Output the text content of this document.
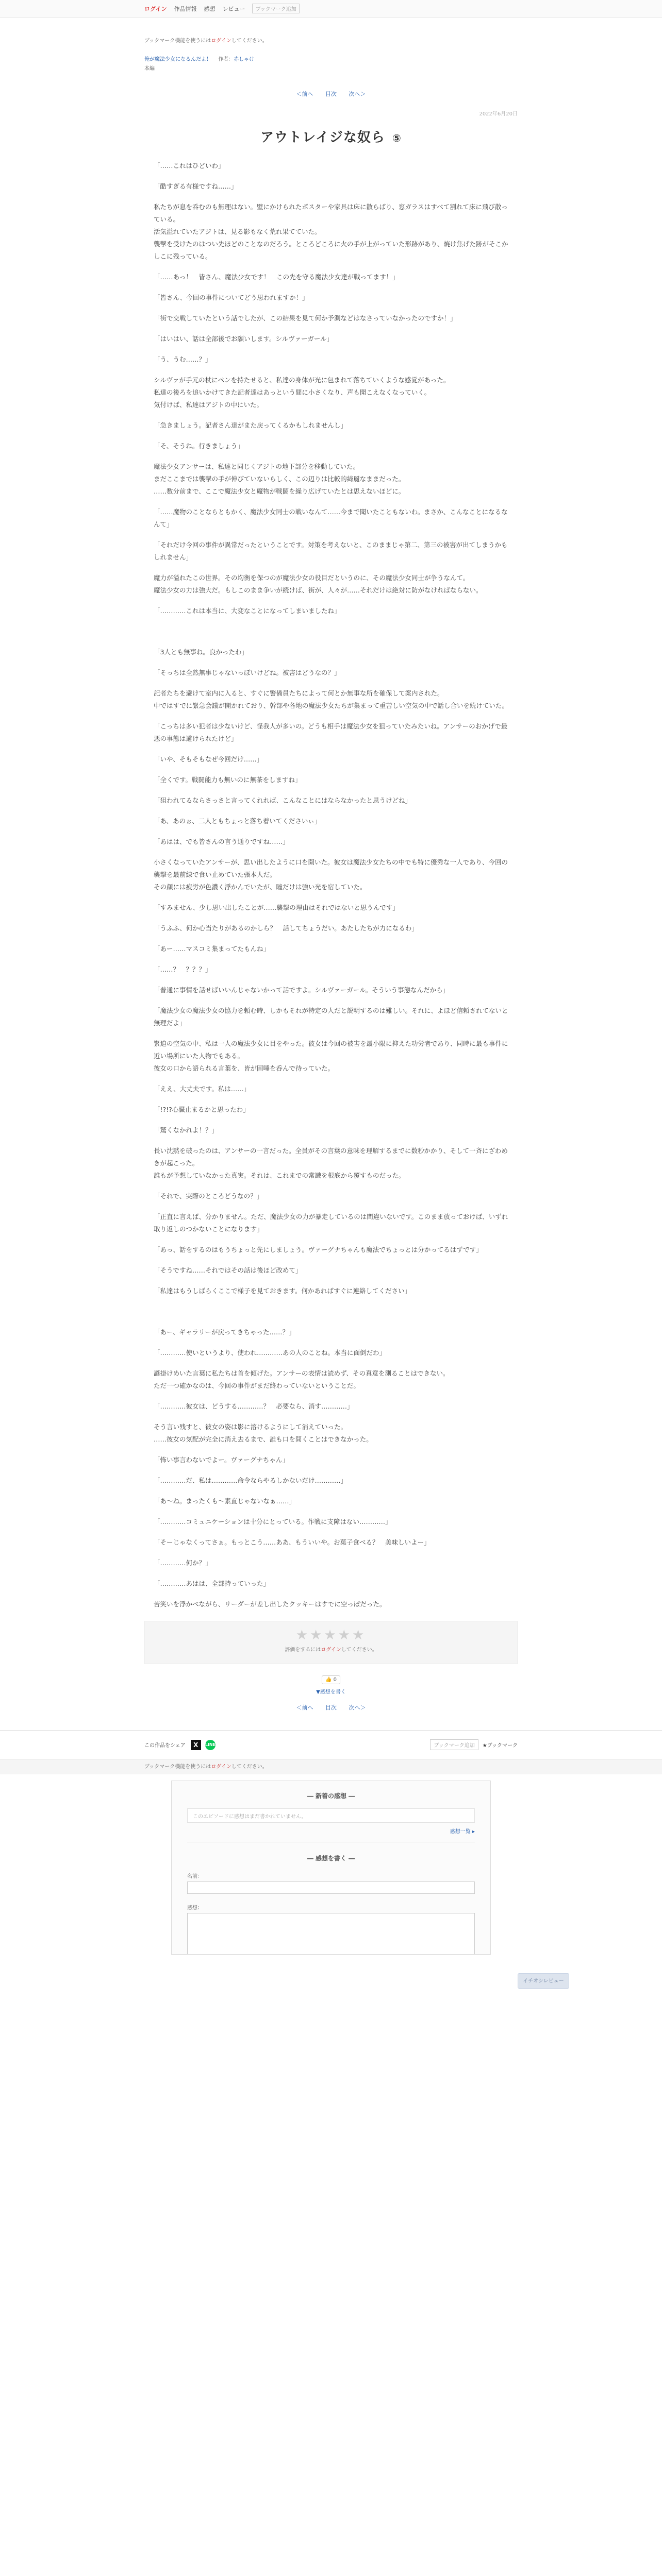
ログイン 作品情報 感想 レビュー	ブックマーク追加
ブックマーク機能を使うにはログインしてください。
俺が魔法少女になるんだよ！ 作者：赤しゃけ
本編
＜前へ 目次 次へ＞
2022年6月20日
アウトレイジな奴ら ⑤

「……これはひどいわ」

「酷すぎる有様ですね……」

私たちが息を呑むのも無理はない。壁にかけられたポスターや家具は床に散らばり、窓ガラスはすべて割れて床に飛び散っている。
活気溢れていたアジトは、見る影もなく荒れ果てていた。
襲撃を受けたのはつい先ほどのことなのだろう。ところどころに火の手が上がっていた形跡があり、焼け焦げた跡がそこかしこに残っている。

「……あっ！　皆さん、魔法少女です！　この先を守る魔法少女達が戦ってます！」

「皆さん、今回の事件についてどう思われますか！」

「街で交戦していたという話でしたが、この結果を見て何か予測などはなさっていなかったのですか！」

「はいはい、話は全部後でお願いします。シルヴァーガール」

「う、うむ……？」

シルヴァが手元の杖にペンを持たせると、私達の身体が光に包まれて落ちていくような感覚があった。
私達の後ろを追いかけてきた記者達はあっという間に小さくなり、声も聞こえなくなっていく。
気付けば、私達はアジトの中にいた。

「急きましょう。記者さん達がまた戻ってくるかもしれませんし」

「そ、そうね。行きましょう」

魔法少女アンサーは、私達と同じくアジトの地下部分を移動していた。
まだここまでは襲撃の手が伸びていないらしく、この辺りは比較的綺麗なままだった。
……数分前まで、ここで魔法少女と魔物が戦闘を繰り広げていたとは思えないほどに。

「……魔物のことならともかく、魔法少女同士の戦いなんて……今まで聞いたこともないわ。まさか、こんなことになるなんて」

「それだけ今回の事件が異常だったということです。対策を考えないと、このままじゃ第二、第三の被害が出てしまうかもしれません」

魔力が溢れたこの世界。その均衡を保つのが魔法少女の役目だというのに、その魔法少女同士が争うなんて。
魔法少女の力は強大だ。もしこのまま争いが続けば、街が、人々が……それだけは絶対に防がなければならない。

「…………これは本当に、大変なことになってしまいましたね」

「3人とも無事ね。良かったわ」

「そっちは全然無事じゃないっぽいけどね。被害はどうなの？」

記者たちを避けて室内に入ると、すぐに警備員たちによって何とか無事な所を確保して案内された。
中ではすでに緊急会議が開かれており、幹部や各地の魔法少女たちが集まって重苦しい空気の中で話し合いを続けていた。

「こっちは多い犯者は少ないけど、怪我人が多いの。どうも相手は魔法少女を狙っていたみたいね。アンサーのおかげで最悪の事態は避けられたけど」

「いや、そもそもなぜ今回だけ……」

「全くです。戦闘能力も無いのに無茶をしますね」

「狙われてるならさっさと言ってくれれば、こんなことにはならなかったと思うけどね」

「あ、あのぉ、二人ともちょっと落ち着いてくださいぃ」

「あはは、でも皆さんの言う通りですね……」

小さくなっていたアンサーが、思い出したように口を開いた。彼女は魔法少女たちの中でも特に優秀な一人であり、今回の襲撃を最前線で食い止めていた張本人だ。
その顔には疲労が色濃く浮かんでいたが、瞳だけは強い光を宿していた。

「すみません、少し思い出したことが……襲撃の理由はそれではないと思うんです」

「うふふ、何か心当たりがあるのかしら？　話してちょうだい。あたしたちが力になるわ」

「あー……マスコミ集まってたもんね」

「……？　？？？」

「普通に事情を話せばいいんじゃないかって話ですよ。シルヴァーガール。そういう事態なんだから」

「魔法少女の魔法少女の協力を頼む時、しかもそれが特定の人だと説明するのは難しい。それに、よほど信頼されてないと無理だよ」

緊迫の空気の中、私は一人の魔法少女に目をやった。彼女は今回の被害を最小限に抑えた功労者であり、同時に最も事件に近い場所にいた人物でもある。
彼女の口から語られる言葉を、皆が固唾を呑んで待っていた。

「ええ、大丈夫です。私は……」

「!?!?心臓止まるかと思ったわ」

「驚くなかれよ！？」

長い沈黙を破ったのは、アンサーの一言だった。全員がその言葉の意味を理解するまでに数秒かかり、そして一斉にざわめきが起こった。
誰もが予想していなかった真実。それは、これまでの常識を根底から覆すものだった。

「それで、実際のところどうなの？」

「正直に言えば、分かりません。ただ、魔法少女の力が暴走しているのは間違いないです。このまま放っておけば、いずれ取り返しのつかないことになります」

「あっ、話をするのはもうちょっと先にしましょう。ヴァーグナちゃんも魔法でちょっとは分かってるはずです」

「そうですね……それではその話は後ほど改めて」

「私達はもうしばらくここで様子を見ておきます。何かあればすぐに連絡してください」

「あー、ギャラリーが戻ってきちゃった……？」

「…………使いというより、使われ…………あの人のことね。本当に面倒だわ」

謎掛けめいた言葉に私たちは首を傾げた。アンサーの表情は読めず、その真意を測ることはできない。
ただ一つ確かなのは、今回の事件がまだ終わっていないということだ。

「…………彼女は、どうする…………？　必要なら、消す…………」

そう言い残すと、彼女の姿は影に溶けるようにして消えていった。
……彼女の気配が完全に消え去るまで、誰も口を開くことはできなかった。

「怖い事言わないでよー。ヴァーグナちゃん」

「…………だ、私は…………命令ならやるしかないだけ…………」

「あ〜ね。まったくも〜素直じゃないなぁ……」

「…………コミュニケーションは十分にとっている。作戦に支障はない…………」

「そーじゃなくってさぁ。もっとこう……ああ、もういいや。お菓子食べる？　美味しいよー」

「…………何か？」

「…………あはは、全部持っていった」

苦笑いを浮かべながら、リーダーが差し出したクッキーはすでに空っぽだった。

イチオシレビュー
★★★★★
評価をするにはログインしてください。
👍 0
▼感想を書く
＜前へ 目次 次へ＞
この作品をシェア	X	LINE	ブックマーク追加	★ブックマーク
ブックマーク機能を使うにはログインしてください。
― 新着の感想 ―
このエピソードに感想はまだ書かれていません。
感想一覧 ▸
― 感想を書く ―
名前：
感想：
